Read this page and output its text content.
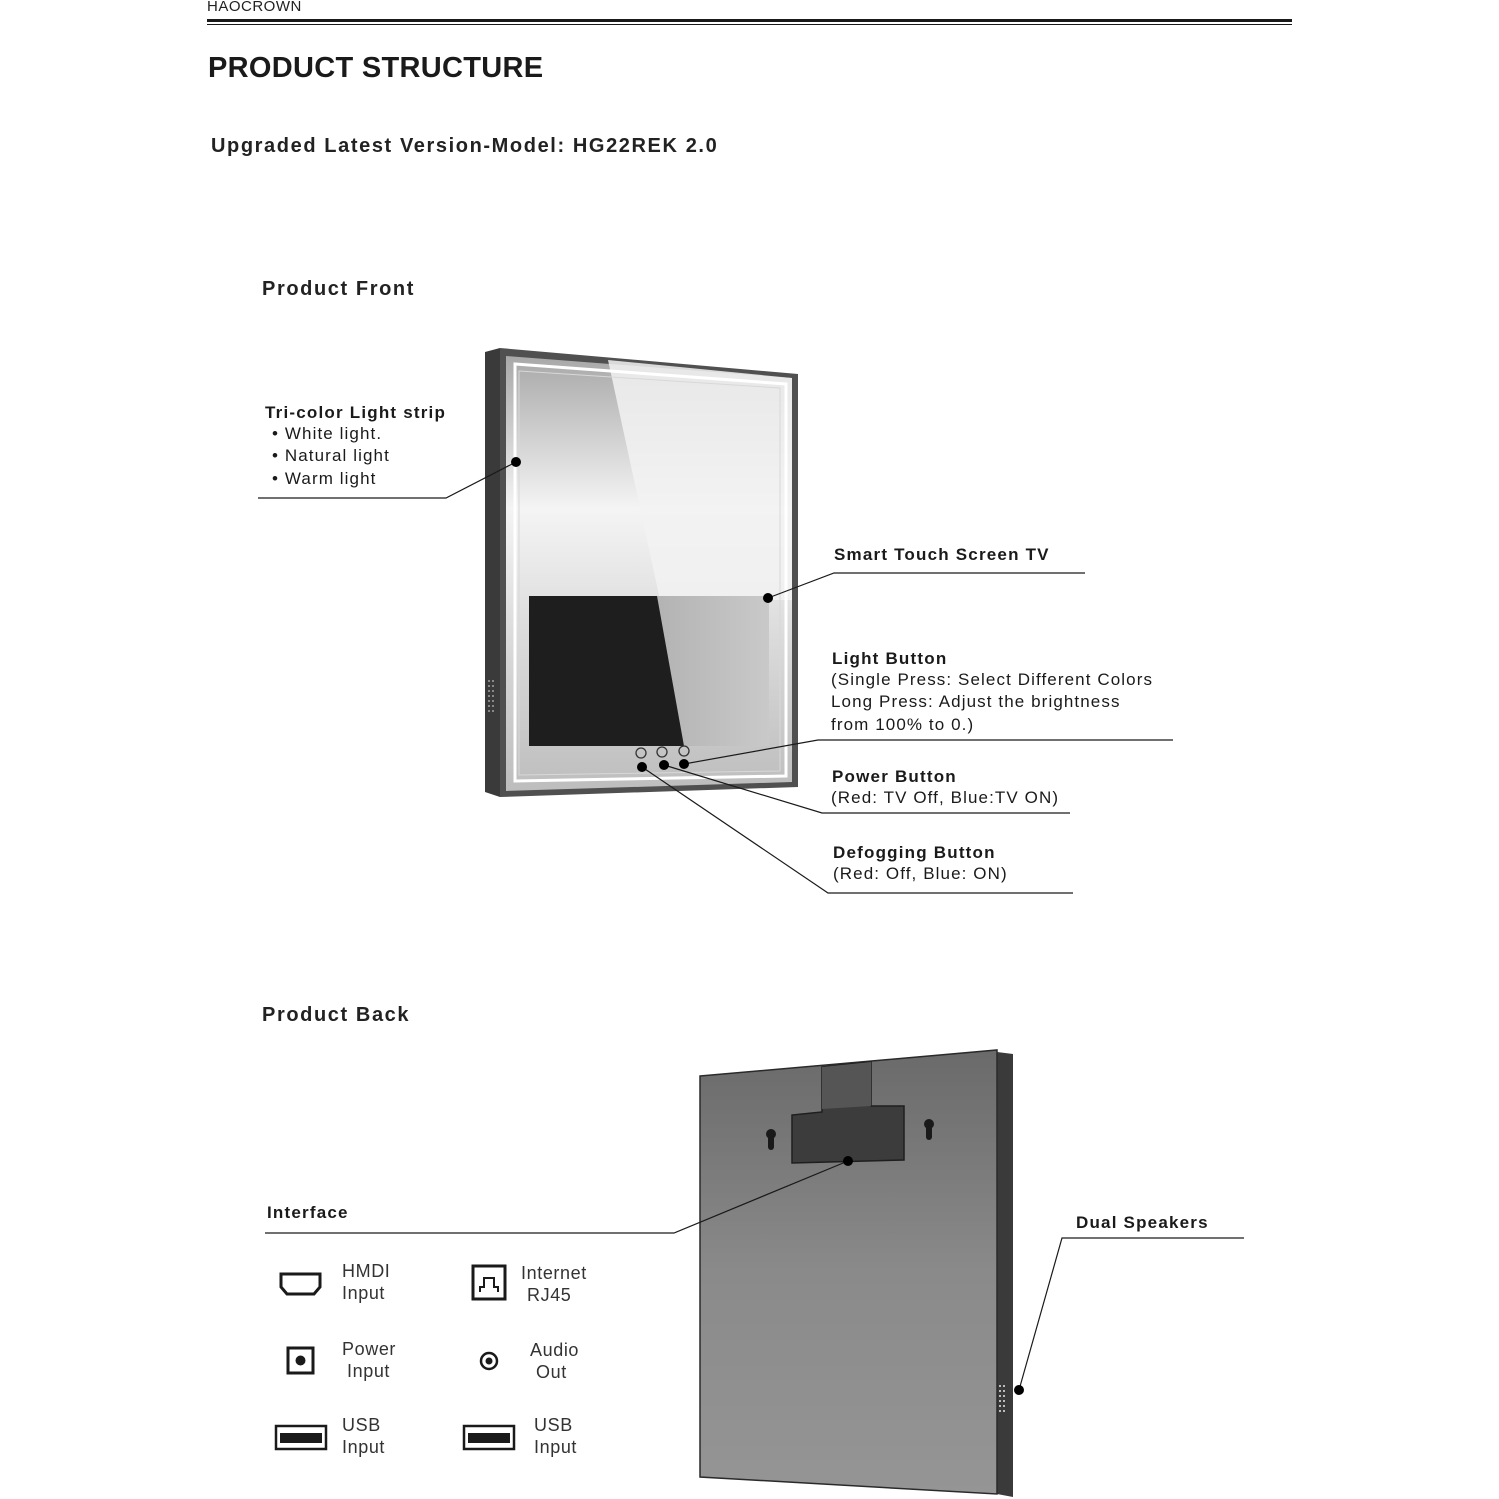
HAOCROWN
PRODUCT STRUCTURE
Upgraded Latest Version-Model: HG22REK 2.0
Product Front
Tri-color Light strip
• White light.
• Natural light
• Warm light
Smart Touch Screen TV
Light Button
(Single Press: Select Different Colors
Long Press: Adjust the brightness
from 100% to 0.)
Power Button
(Red: TV Off, Blue:TV ON)
Defogging Button
(Red: Off, Blue: ON)
Product Back
Interface
Dual Speakers
HMDI
Input
Internet
RJ45
Power
Input
Audio
Out
USB
Input
USB
Input
